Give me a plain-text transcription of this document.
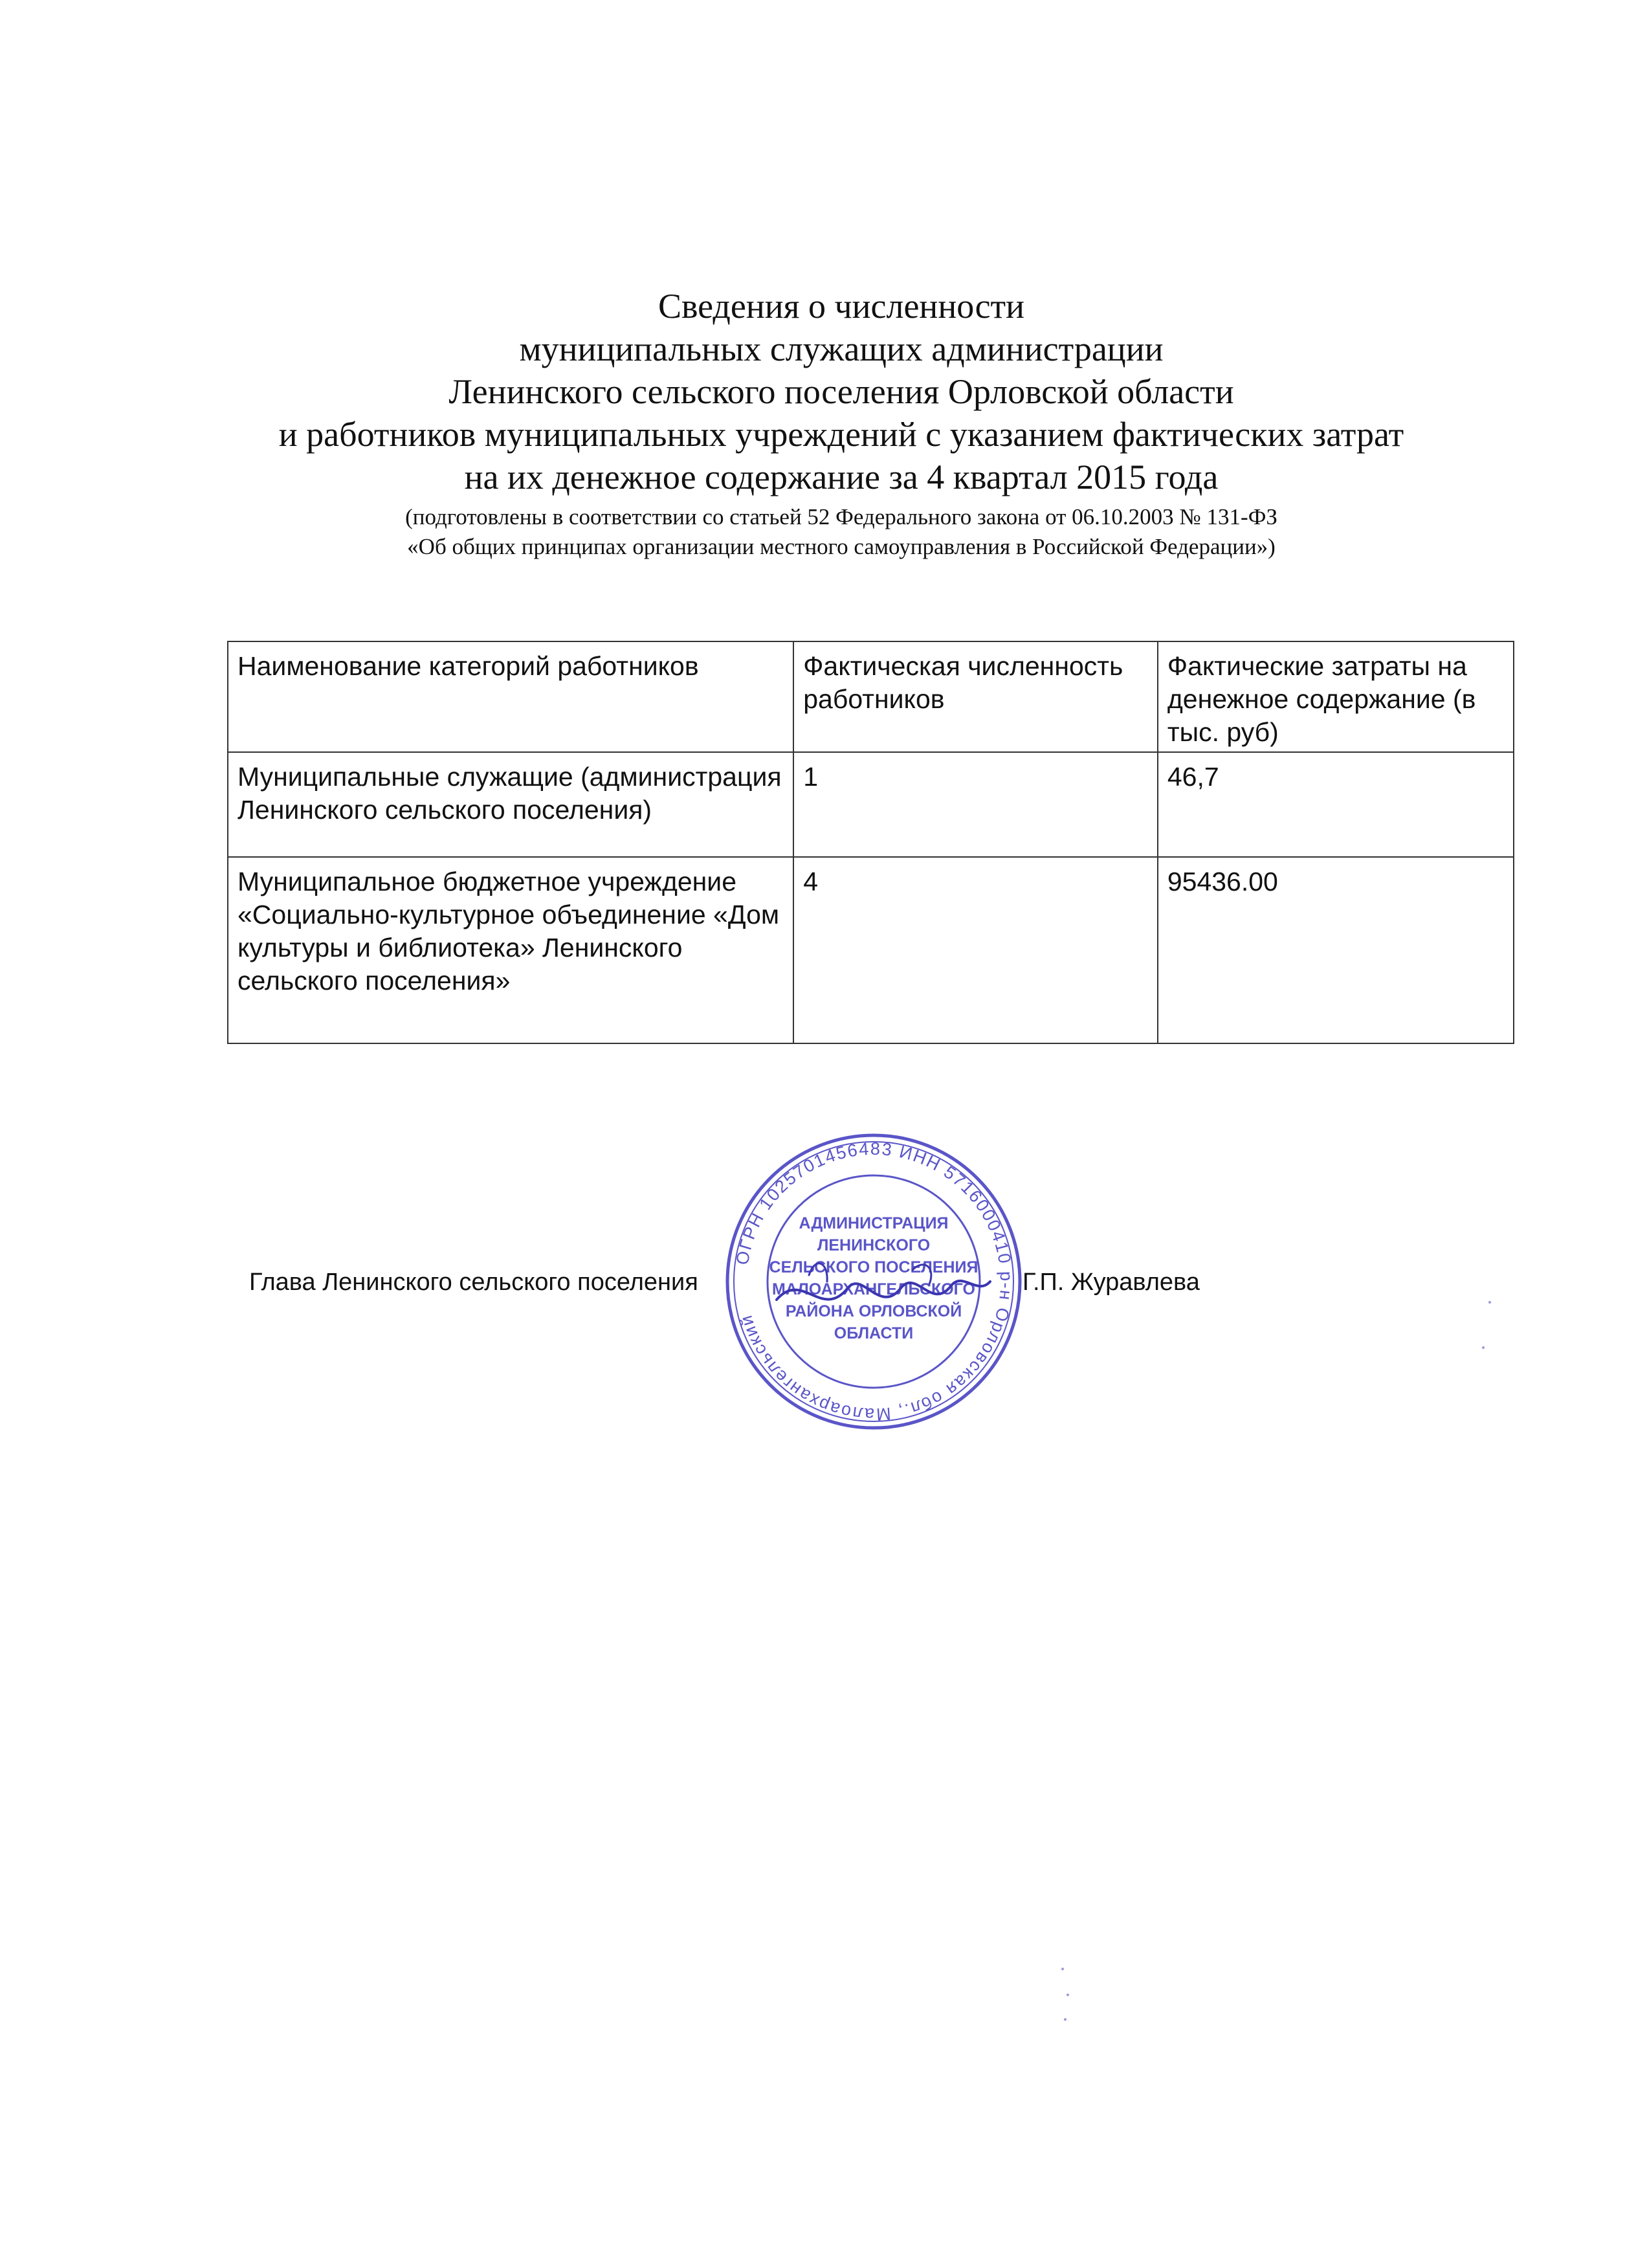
Сведения о численности
муниципальных служащих администрации
Ленинского сельского поселения Орловской области
и работников муниципальных учреждений с указанием фактических затрат
на их денежное содержание за 4 квартал 2015 года
(подготовлены в соответствии со статьей 52 Федерального закона от 06.10.2003 № 131-ФЗ
«Об общих принципах организации местного самоуправления в Российской Федерации»)
Наименование категорий работников	Фактическая численность работников	Фактические затраты на денежное содержание (в тыс. руб)
Муниципальные служащие (администрация Ленинского сельского поселения)	1	46,7
Муниципальное бюджетное учреждение «Социально-культурное объединение «Дом культуры и библиотека» Ленинского сельского поселения»	4	95436.00
Глава Ленинского сельского поселения
ОГРН 1025701456483 ИНН 5716000410 р-н Орловская обл., Малоархангельский
АДМИНИСТРАЦИЯ
ЛЕНИНСКОГО
СЕЛЬСКОГО ПОСЕЛЕНИЯ
МАЛОАРХАНГЕЛЬСКОГО
РАЙОНА ОРЛОВСКОЙ
ОБЛАСТИ
Г.П. Журавлева
